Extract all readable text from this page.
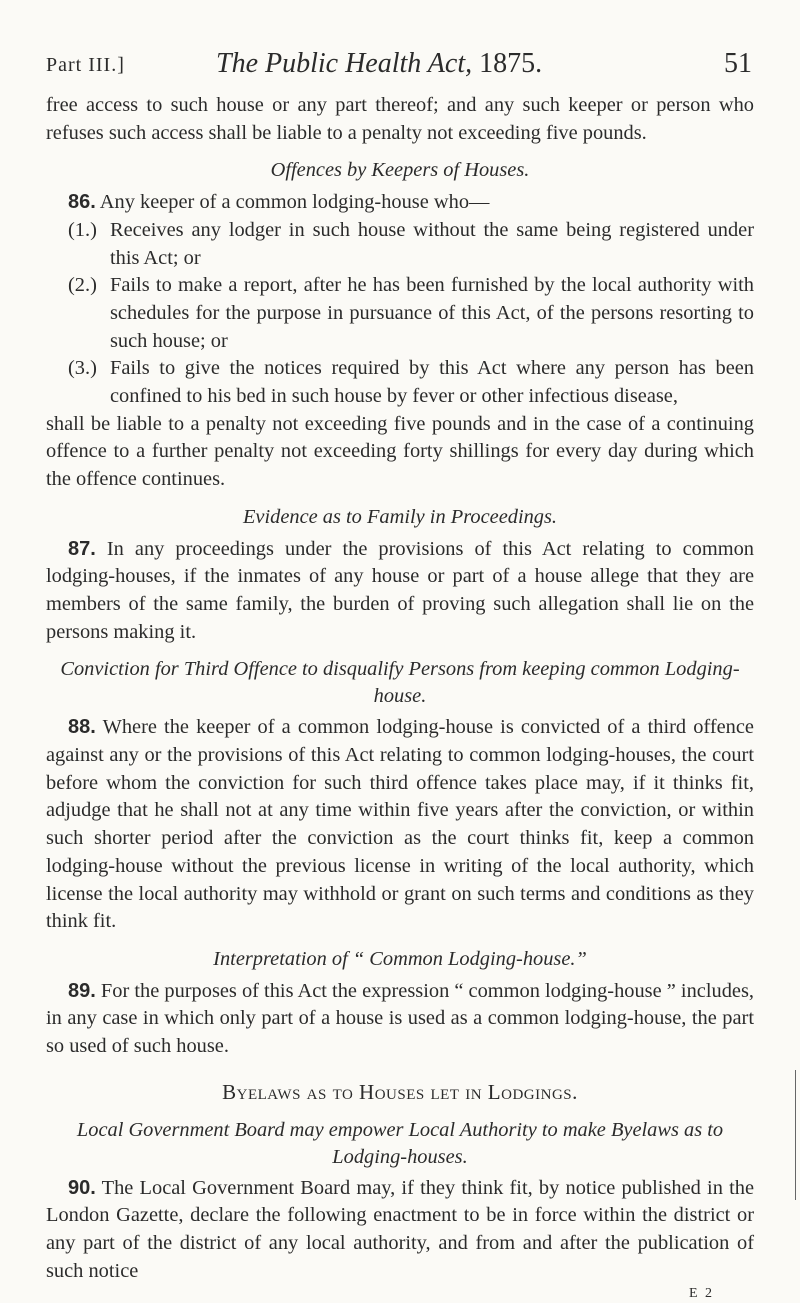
Part III.]	The Public Health Act, 1875.	51

free access to such house or any part thereof; and any such keeper or person who refuses such access shall be liable to a penalty not exceeding five pounds.

Offences by Keepers of Houses.

86. Any keeper of a common lodging-house who—

(1.) Receives any lodger in such house without the same being registered under this Act; or

(2.) Fails to make a report, after he has been furnished by the local authority with schedules for the purpose in pursuance of this Act, of the persons resorting to such house; or

(3.) Fails to give the notices required by this Act where any person has been confined to his bed in such house by fever or other infectious disease,

shall be liable to a penalty not exceeding five pounds and in the case of a continuing offence to a further penalty not exceeding forty shillings for every day during which the offence continues.

Evidence as to Family in Proceedings.

87. In any proceedings under the provisions of this Act relating to common lodging-houses, if the inmates of any house or part of a house allege that they are members of the same family, the burden of proving such allegation shall lie on the persons making it.

Conviction for Third Offence to disqualify Persons from keeping common Lodging-house.

88. Where the keeper of a common lodging-house is convicted of a third offence against any or the provisions of this Act relating to common lodging-houses, the court before whom the conviction for such third offence takes place may, if it thinks fit, adjudge that he shall not at any time within five years after the conviction, or within such shorter period after the conviction as the court thinks fit, keep a common lodging-house without the previous license in writing of the local authority, which license the local authority may withhold or grant on such terms and conditions as they think fit.

Interpretation of “ Common Lodging-house.”

89. For the purposes of this Act the expression “ common lodging-house ” includes, in any case in which only part of a house is used as a common lodging-house, the part so used of such house.

Byelaws as to Houses let in Lodgings.

Local Government Board may empower Local Authority to make Byelaws as to Lodging-houses.

90. The Local Government Board may, if they think fit, by notice published in the London Gazette, declare the following enactment to be in force within the district or any part of the district of any local authority, and from and after the publication of such notice

E 2
